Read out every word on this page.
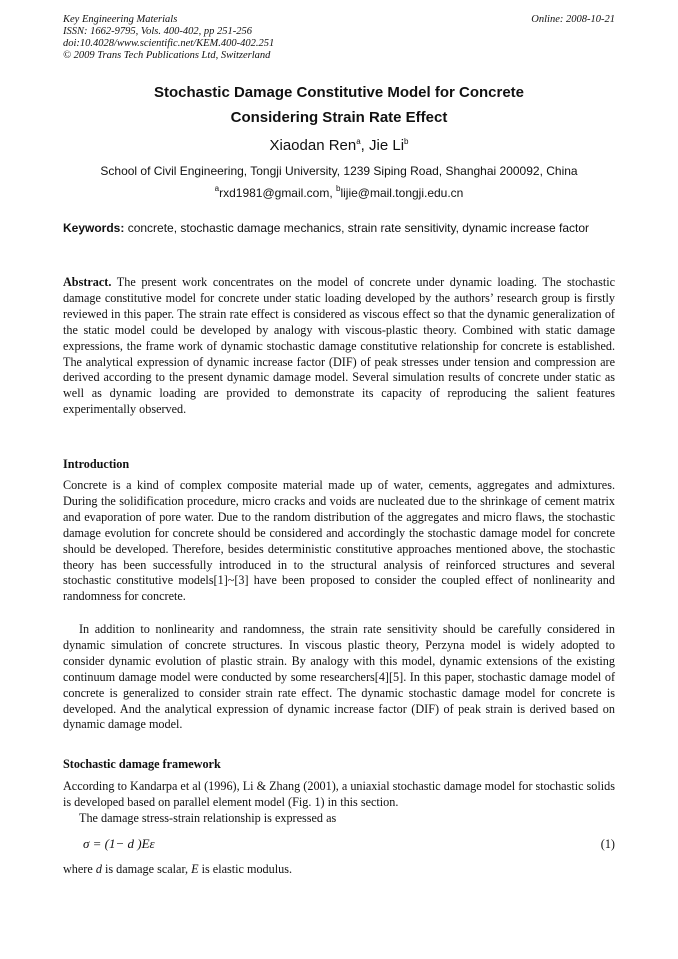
Key Engineering Materials
ISSN: 1662-9795, Vols. 400-402, pp 251-256
doi:10.4028/www.scientific.net/KEM.400-402.251
© 2009 Trans Tech Publications Ltd, Switzerland
Online: 2008-10-21
Stochastic Damage Constitutive Model for Concrete
Considering Strain Rate Effect
Xiaodan Ren$^a$, Jie Li$^b$
School of Civil Engineering, Tongji University, 1239 Siping Road, Shanghai 200092, China
$^a$rxd1981@gmail.com, $^b$lijie@mail.tongji.edu.cn
Keywords: concrete, stochastic damage mechanics, strain rate sensitivity, dynamic increase factor
Abstract. The present work concentrates on the model of concrete under dynamic loading. The stochastic damage constitutive model for concrete under static loading developed by the authors’ research group is firstly reviewed in this paper. The strain rate effect is considered as viscous effect so that the dynamic generalization of the static model could be developed by analogy with viscous-plastic theory. Combined with static damage expressions, the frame work of dynamic stochastic damage constitutive relationship for concrete is established. The analytical expression of dynamic increase factor (DIF) of peak stresses under tension and compression are derived according to the present dynamic damage model. Several simulation results of concrete under static as well as dynamic loading are provided to demonstrate its capacity of reproducing the salient features experimentally observed.
Introduction
Concrete is a kind of complex composite material made up of water, cements, aggregates and admixtures. During the solidification procedure, micro cracks and voids are nucleated due to the shrinkage of cement matrix and evaporation of pore water. Due to the random distribution of the aggregates and micro flaws, the stochastic damage evolution for concrete should be considered and accordingly the stochastic damage model for concrete should be developed. Therefore, besides deterministic constitutive approaches mentioned above, the stochastic theory has been successfully introduced in to the structural analysis of reinforced structures and several stochastic constitutive models[1]~[3] have been proposed to consider the coupled effect of nonlinearity and randomness for concrete.
In addition to nonlinearity and randomness, the strain rate sensitivity should be carefully considered in dynamic simulation of concrete structures. In viscous plastic theory, Perzyna model is widely adopted to consider dynamic evolution of plastic strain. By analogy with this model, dynamic extensions of the existing continuum damage model were conducted by some researchers[4][5]. In this paper, stochastic damage model of concrete is generalized to consider strain rate effect. The dynamic stochastic damage model for concrete is developed. And the analytical expression of dynamic increase factor (DIF) of peak strain is derived based on dynamic damage model.
Stochastic damage framework
According to Kandarpa et al (1996), Li & Zhang (2001), a uniaxial stochastic damage model for stochastic solids is developed based on parallel element model (Fig. 1) in this section.
The damage stress-strain relationship is expressed as
σ = (1− d )Eε	(1)
where d is damage scalar, E is elastic modulus.
